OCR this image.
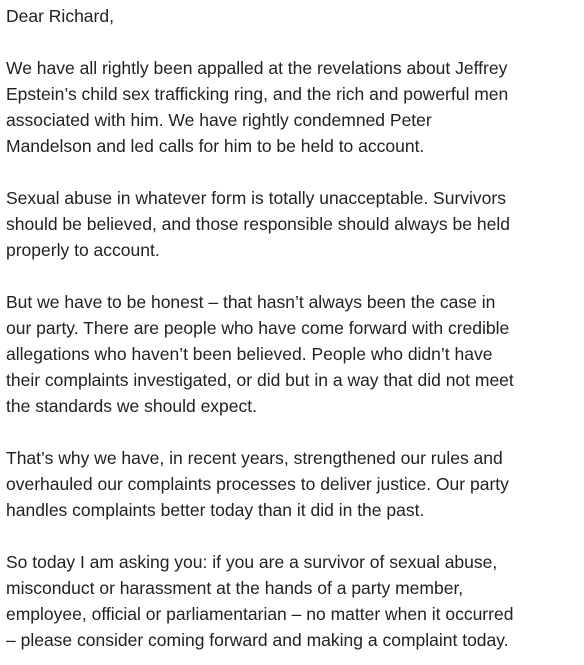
Dear Richard,
We have all rightly been appalled at the revelations about Jeffrey
Epstein’s child sex trafficking ring, and the rich and powerful men
associated with him. We have rightly condemned Peter
Mandelson and led calls for him to be held to account.
Sexual abuse in whatever form is totally unacceptable. Survivors
should be believed, and those responsible should always be held
properly to account.
But we have to be honest – that hasn’t always been the case in
our party. There are people who have come forward with credible
allegations who haven’t been believed. People who didn’t have
their complaints investigated, or did but in a way that did not meet
the standards we should expect.
That’s why we have, in recent years, strengthened our rules and
overhauled our complaints processes to deliver justice. Our party
handles complaints better today than it did in the past.
So today I am asking you: if you are a survivor of sexual abuse,
misconduct or harassment at the hands of a party member,
employee, official or parliamentarian – no matter when it occurred
– please consider coming forward and making a complaint today.
